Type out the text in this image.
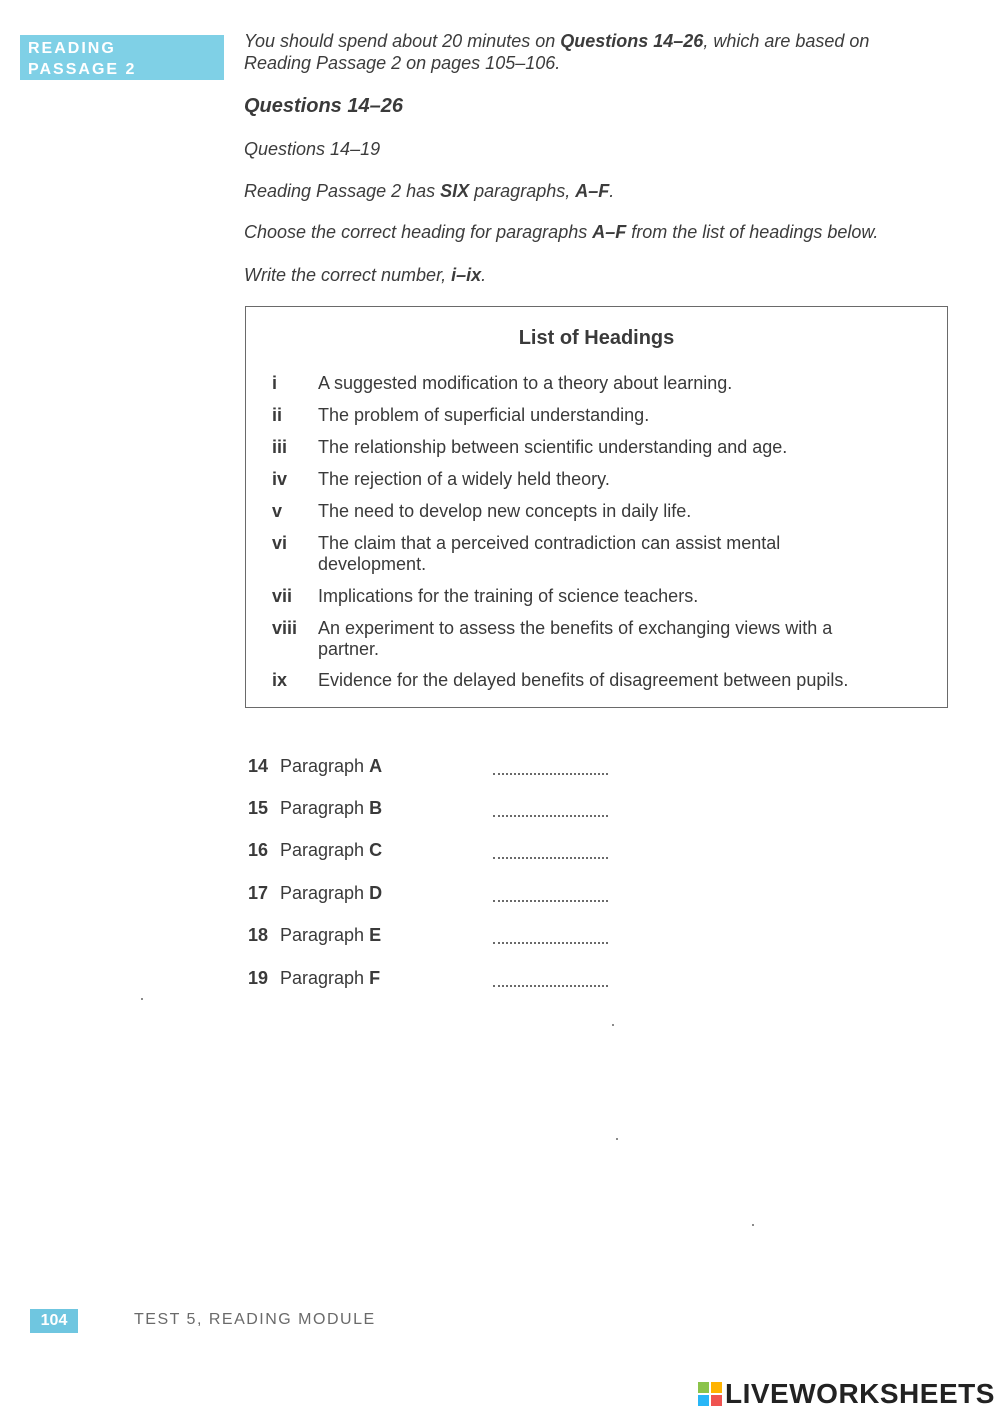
READING
PASSAGE 2
You should spend about 20 minutes on Questions 14–26, which are based on
Reading Passage 2 on pages 105–106.
Questions 14–26
Questions 14–19
Reading Passage 2 has SIX paragraphs, A–F.
Choose the correct heading for paragraphs A–F from the list of headings below.
Write the correct number, i–ix.
List of Headings
i	A suggested modification to a theory about learning.
ii	The problem of superficial understanding.
iii	The relationship between scientific understanding and age.
iv	The rejection of a widely held theory.
v	The need to develop new concepts in daily life.
vi	The claim that a perceived contradiction can assist mental development.
vii	Implications for the training of science teachers.
viii	An experiment to assess the benefits of exchanging views with a partner.
ix	Evidence for the delayed benefits of disagreement between pupils.
14 Paragraph A
15 Paragraph B
16 Paragraph C
17 Paragraph D
18 Paragraph E
19 Paragraph F
104	TEST 5, READING MODULE
LIVEWORKSHEETS
